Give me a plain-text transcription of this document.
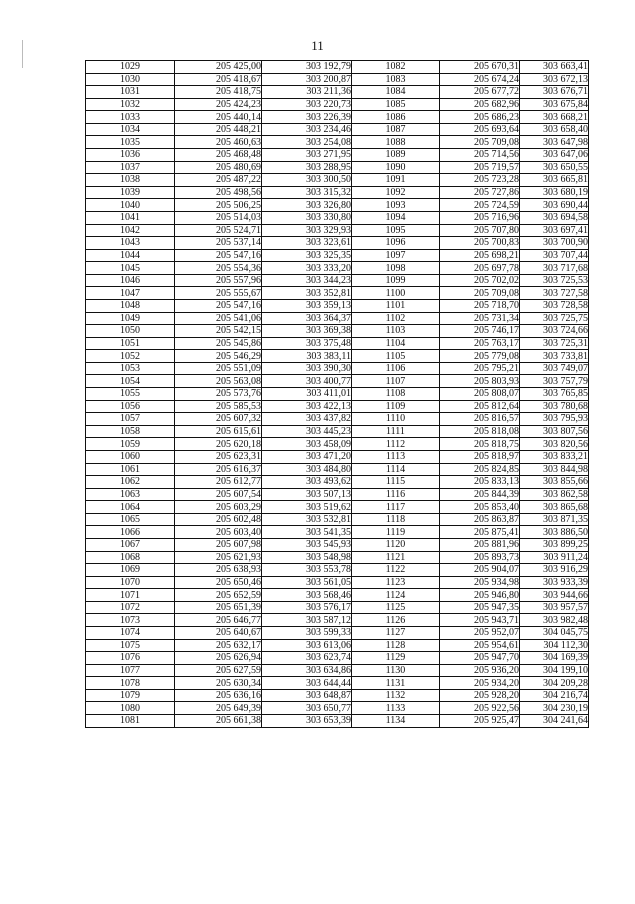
11
1029	205 425,00	303 192,79	1082	205 670,31	303 663,41
1030	205 418,67	303 200,87	1083	205 674,24	303 672,13
1031	205 418,75	303 211,36	1084	205 677,72	303 676,71
1032	205 424,23	303 220,73	1085	205 682,96	303 675,84
1033	205 440,14	303 226,39	1086	205 686,23	303 668,21
1034	205 448,21	303 234,46	1087	205 693,64	303 658,40
1035	205 460,63	303 254,08	1088	205 709,08	303 647,98
1036	205 468,48	303 271,95	1089	205 714,56	303 647,06
1037	205 480,69	303 288,95	1090	205 719,57	303 650,55
1038	205 487,22	303 300,50	1091	205 723,28	303 665,81
1039	205 498,56	303 315,32	1092	205 727,86	303 680,19
1040	205 506,25	303 326,80	1093	205 724,59	303 690,44
1041	205 514,03	303 330,80	1094	205 716,96	303 694,58
1042	205 524,71	303 329,93	1095	205 707,80	303 697,41
1043	205 537,14	303 323,61	1096	205 700,83	303 700,90
1044	205 547,16	303 325,35	1097	205 698,21	303 707,44
1045	205 554,36	303 333,20	1098	205 697,78	303 717,68
1046	205 557,96	303 344,23	1099	205 702,02	303 725,53
1047	205 555,67	303 352,81	1100	205 709,08	303 727,58
1048	205 547,16	303 359,13	1101	205 718,70	303 728,58
1049	205 541,06	303 364,37	1102	205 731,34	303 725,75
1050	205 542,15	303 369,38	1103	205 746,17	303 724,66
1051	205 545,86	303 375,48	1104	205 763,17	303 725,31
1052	205 546,29	303 383,11	1105	205 779,08	303 733,81
1053	205 551,09	303 390,30	1106	205 795,21	303 749,07
1054	205 563,08	303 400,77	1107	205 803,93	303 757,79
1055	205 573,76	303 411,01	1108	205 808,07	303 765,85
1056	205 585,53	303 422,13	1109	205 812,64	303 780,68
1057	205 607,32	303 437,82	1110	205 816,57	303 795,93
1058	205 615,61	303 445,23	1111	205 818,08	303 807,56
1059	205 620,18	303 458,09	1112	205 818,75	303 820,56
1060	205 623,31	303 471,20	1113	205 818,97	303 833,21
1061	205 616,37	303 484,80	1114	205 824,85	303 844,98
1062	205 612,77	303 493,62	1115	205 833,13	303 855,66
1063	205 607,54	303 507,13	1116	205 844,39	303 862,58
1064	205 603,29	303 519,62	1117	205 853,40	303 865,68
1065	205 602,48	303 532,81	1118	205 863,87	303 871,35
1066	205 603,40	303 541,35	1119	205 875,41	303 886,50
1067	205 607,98	303 545,93	1120	205 881,96	303 899,25
1068	205 621,93	303 548,98	1121	205 893,73	303 911,24
1069	205 638,93	303 553,78	1122	205 904,07	303 916,29
1070	205 650,46	303 561,05	1123	205 934,98	303 933,39
1071	205 652,59	303 568,46	1124	205 946,80	303 944,66
1072	205 651,39	303 576,17	1125	205 947,35	303 957,57
1073	205 646,77	303 587,12	1126	205 943,71	303 982,48
1074	205 640,67	303 599,33	1127	205 952,07	304 045,75
1075	205 632,17	303 613,06	1128	205 954,61	304 112,30
1076	205 626,94	303 623,74	1129	205 947,70	304 169,39
1077	205 627,59	303 634,86	1130	205 936,20	304 199,10
1078	205 630,34	303 644,44	1131	205 934,20	304 209,28
1079	205 636,16	303 648,87	1132	205 928,20	304 216,74
1080	205 649,39	303 650,77	1133	205 922,56	304 230,19
1081	205 661,38	303 653,39	1134	205 925,47	304 241,64
